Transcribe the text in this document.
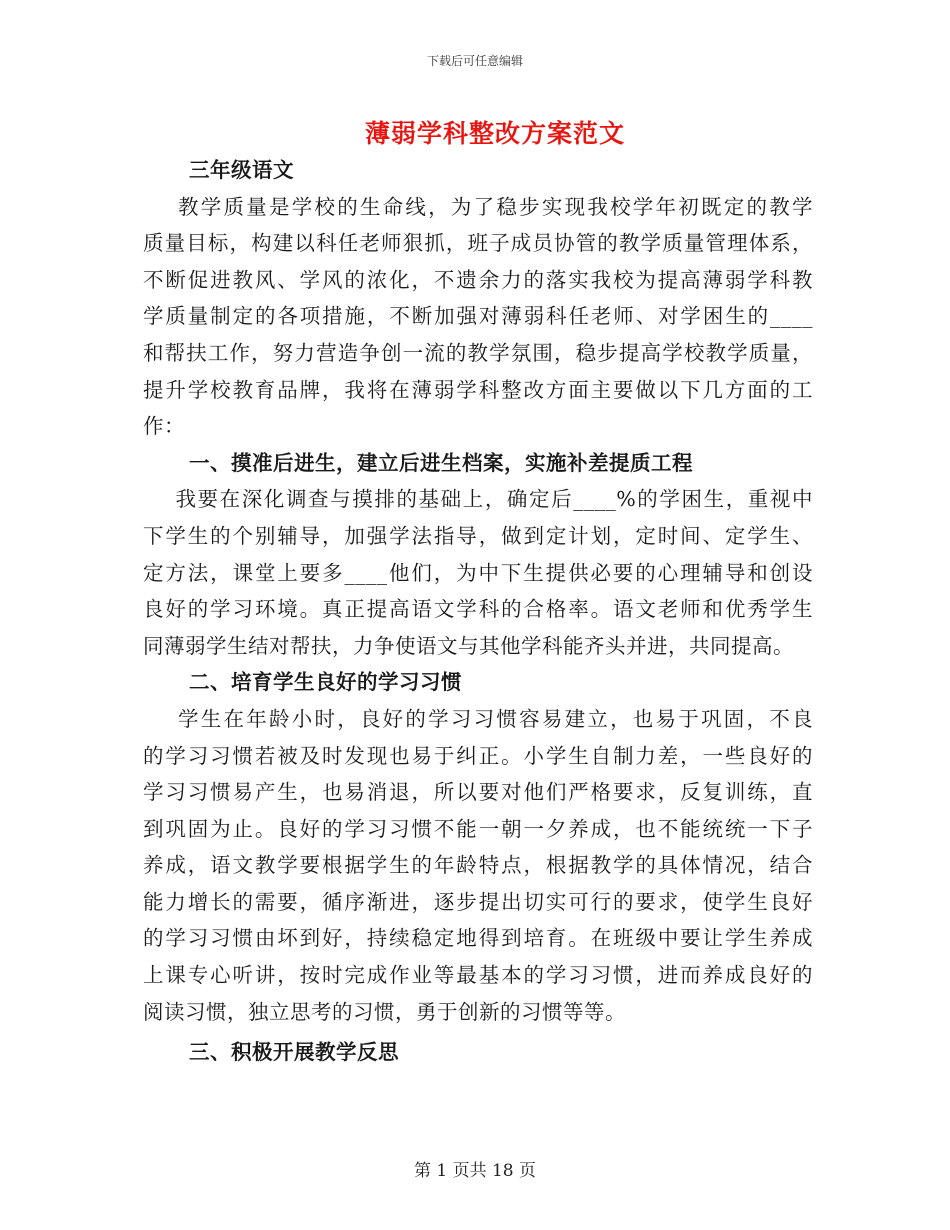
下载后可任意编辑
薄弱学科整改方案范文
三年级语文
教学质量是学校的生命线，为了稳步实现我校学年初既定的教学
质量目标，构建以科任老师狠抓，班子成员协管的教学质量管理体系，
不断促进教风、学风的浓化，不遗余力的落实我校为提高薄弱学科教
学质量制定的各项措施，不断加强对薄弱科任老师、对学困生的____
和帮扶工作，努力营造争创一流的教学氛围，稳步提高学校教学质量，
提升学校教育品牌，我将在薄弱学科整改方面主要做以下几方面的工
作：
一、摸准后进生，建立后进生档案，实施补差提质工程
我要在深化调查与摸排的基础上，确定后____%的学困生，重视中
下学生的个别辅导，加强学法指导，做到定计划，定时间、定学生、
定方法，课堂上要多____他们，为中下生提供必要的心理辅导和创设
良好的学习环境。真正提高语文学科的合格率。语文老师和优秀学生
同薄弱学生结对帮扶，力争使语文与其他学科能齐头并进，共同提高。
二、培育学生良好的学习习惯
学生在年龄小时，良好的学习习惯容易建立，也易于巩固，不良
的学习习惯若被及时发现也易于纠正。小学生自制力差，一些良好的
学习习惯易产生，也易消退，所以要对他们严格要求，反复训练，直
到巩固为止。良好的学习习惯不能一朝一夕养成，也不能统统一下子
养成，语文教学要根据学生的年龄特点，根据教学的具体情况，结合
能力增长的需要，循序渐进，逐步提出切实可行的要求，使学生良好
的学习习惯由坏到好，持续稳定地得到培育。在班级中要让学生养成
上课专心听讲，按时完成作业等最基本的学习习惯，进而养成良好的
阅读习惯，独立思考的习惯，勇于创新的习惯等等。
三、积极开展教学反思
第 1 页共 18 页
